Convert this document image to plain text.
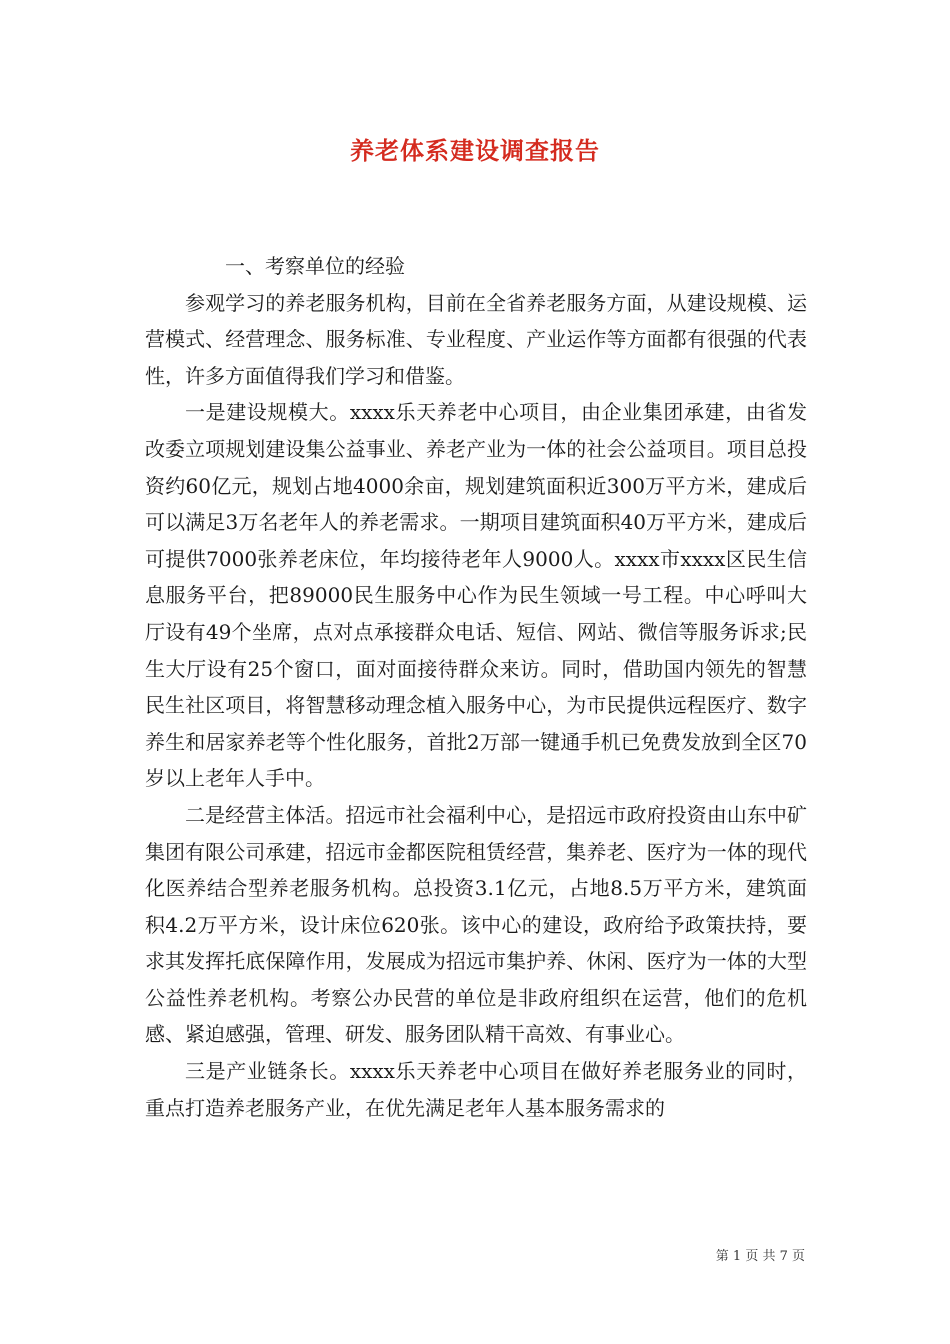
养老体系建设调查报告

一、考察单位的经验

参观学习的养老服务机构，目前在全省养老服务方面，从建设规模、运营模式、经营理念、服务标准、专业程度、产业运作等方面都有很强的代表性，许多方面值得我们学习和借鉴。

一是建设规模大。xxxx乐天养老中心项目，由企业集团承建，由省发改委立项规划建设集公益事业、养老产业为一体的社会公益项目。项目总投资约60亿元，规划占地4000余亩，规划建筑面积近300万平方米，建成后可以满足3万名老年人的养老需求。一期项目建筑面积40万平方米，建成后可提供7000张养老床位，年均接待老年人9000人。xxxx市xxxx区民生信息服务平台，把89000民生服务中心作为民生领域一号工程。中心呼叫大厅设有49个坐席，点对点承接群众电话、短信、网站、微信等服务诉求;民生大厅设有25个窗口，面对面接待群众来访。同时，借助国内领先的智慧民生社区项目，将智慧移动理念植入服务中心，为市民提供远程医疗、数字养生和居家养老等个性化服务，首批2万部一键通手机已免费发放到全区70岁以上老年人手中。

二是经营主体活。招远市社会福利中心，是招远市政府投资由山东中矿集团有限公司承建，招远市金都医院租赁经营，集养老、医疗为一体的现代化医养结合型养老服务机构。总投资3.1亿元，占地8.5万平方米，建筑面积4.2万平方米，设计床位620张。该中心的建设，政府给予政策扶持，要求其发挥托底保障作用，发展成为招远市集护养、休闲、医疗为一体的大型公益性养老机构。考察公办民营的单位是非政府组织在运营，他们的危机感、紧迫感强，管理、研发、服务团队精干高效、有事业心。

三是产业链条长。xxxx乐天养老中心项目在做好养老服务业的同时，重点打造养老服务产业，在优先满足老年人基本服务需求的

第 1 页 共 7 页
